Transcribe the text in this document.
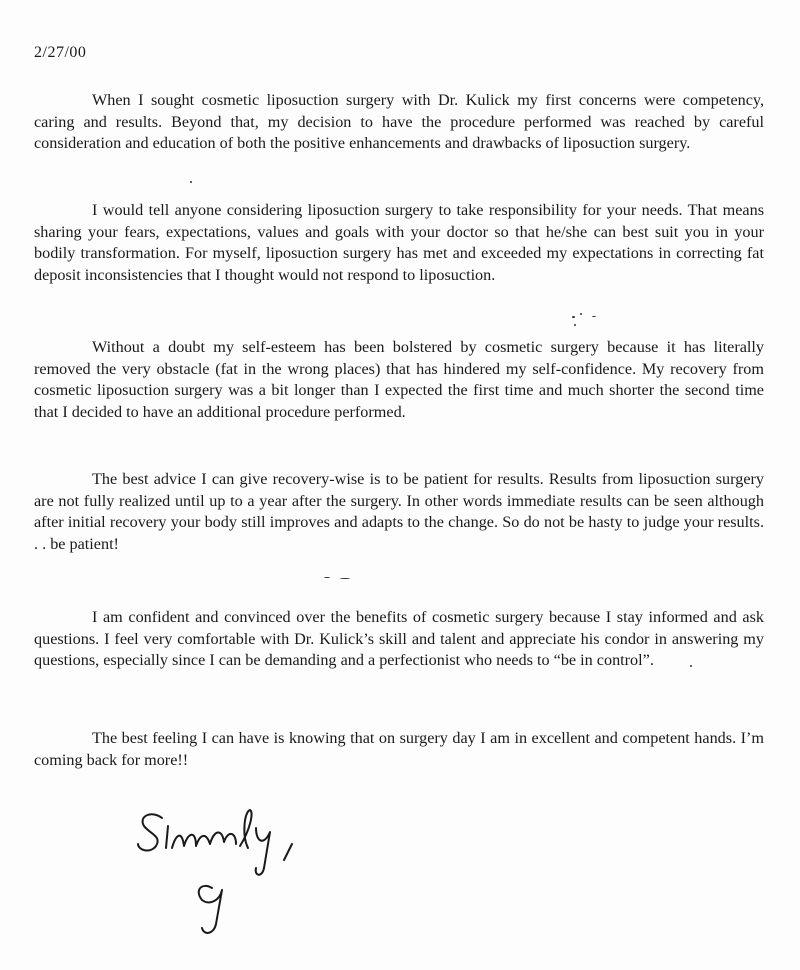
2/27/00

When I sought cosmetic liposuction surgery with Dr. Kulick my first concerns were competency, caring and results. Beyond that, my decision to have the procedure performed was reached by careful consideration and education of both the positive enhancements and drawbacks of liposuction surgery.

I would tell anyone considering liposuction surgery to take responsibility for your needs. That means sharing your fears, expectations, values and goals with your doctor so that he/she can best suit you in your bodily transformation. For myself, liposuction surgery has met and exceeded my expectations in correcting fat deposit inconsistencies that I thought would not respond to liposuction.

Without a doubt my self-esteem has been bolstered by cosmetic surgery because it has literally removed the very obstacle (fat in the wrong places) that has hindered my self-confidence. My recovery from cosmetic liposuction surgery was a bit longer than I expected the first time and much shorter the second time that I decided to have an additional procedure performed.

The best advice I can give recovery-wise is to be patient for results. Results from liposuction surgery are not fully realized until up to a year after the surgery. In other words immediate results can be seen although after initial recovery your body still improves and adapts to the change. So do not be hasty to judge your results. . . be patient!

I am confident and convinced over the benefits of cosmetic surgery because I stay informed and ask questions. I feel very comfortable with Dr. Kulick’s skill and talent and appreciate his condor in answering my questions, especially since I can be demanding and a perfectionist who needs to “be in control”.

The best feeling I can have is knowing that on surgery day I am in excellent and competent hands. I’m coming back for more!!
